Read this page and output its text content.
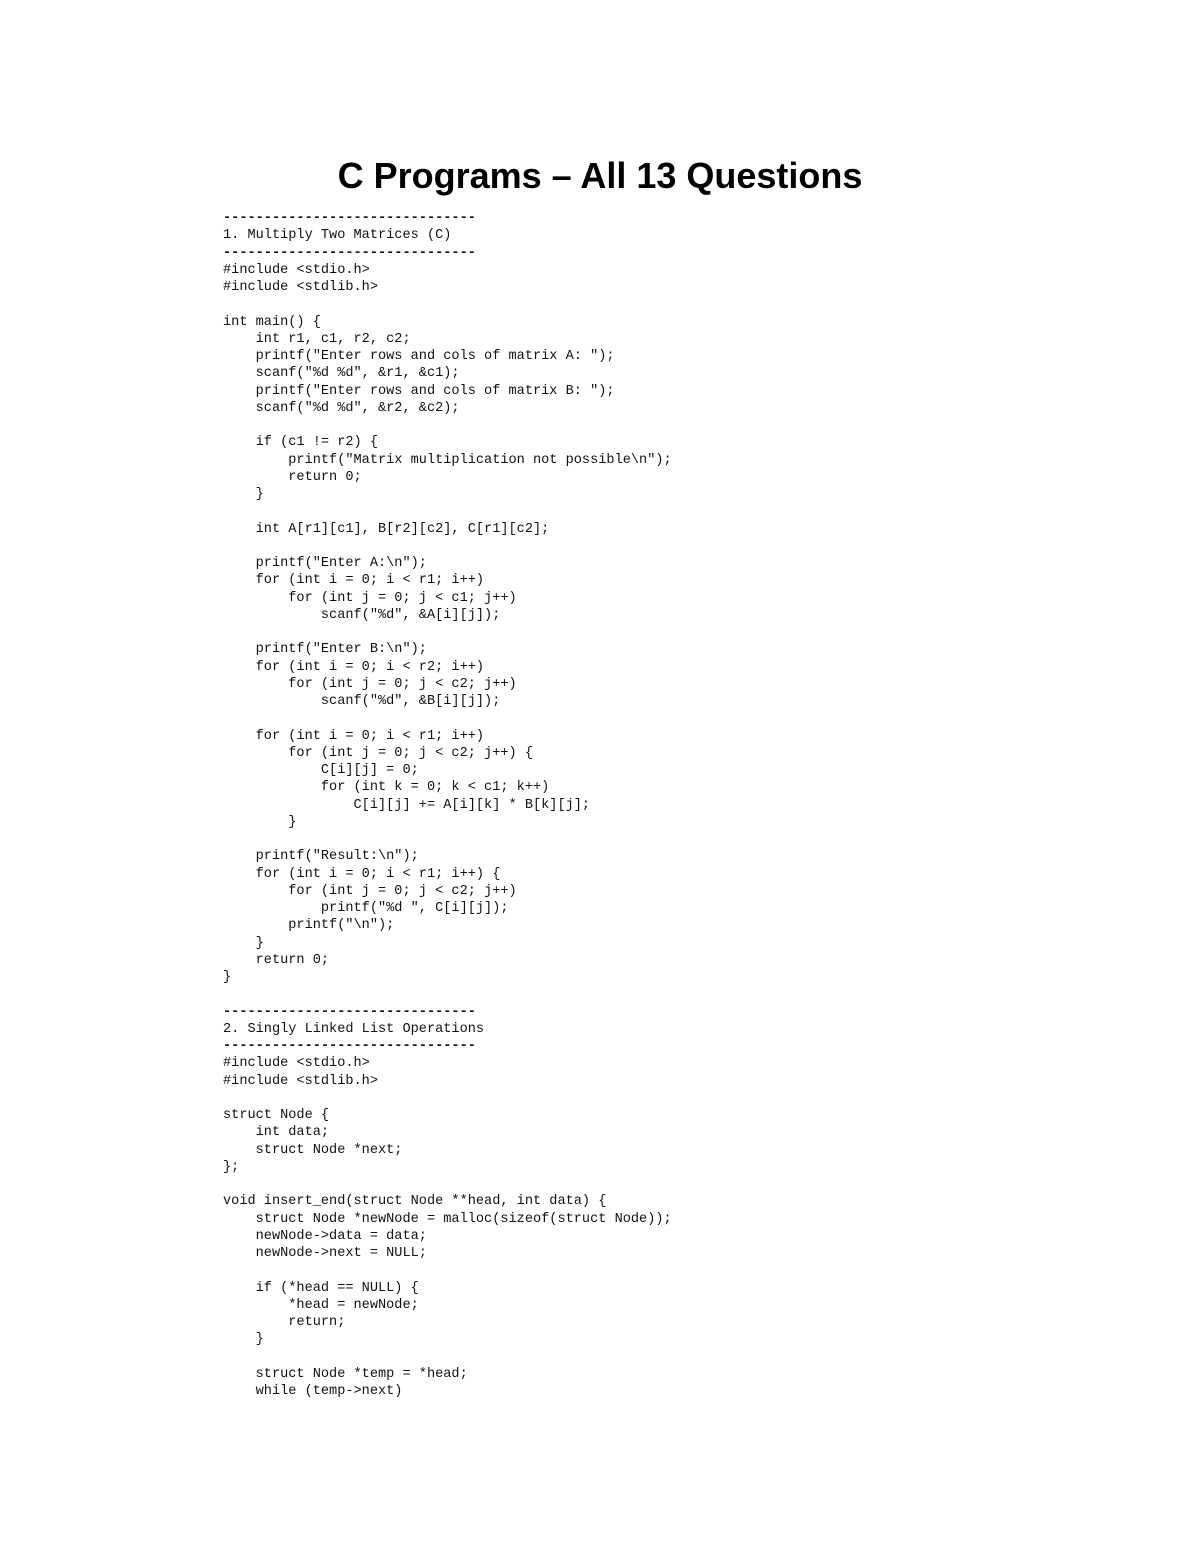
C Programs – All 13 Questions
-------------------------------
1. Multiply Two Matrices (C)
-------------------------------
#include <stdio.h>
#include <stdlib.h>

int main() {
int r1, c1, r2, c2;
printf("Enter rows and cols of matrix A: ");
scanf("%d %d", &r1, &c1);
printf("Enter rows and cols of matrix B: ");
scanf("%d %d", &r2, &c2);

if (c1 != r2) {
printf("Matrix multiplication not possible\n");
return 0;
}

int A[r1][c1], B[r2][c2], C[r1][c2];

printf("Enter A:\n");
for (int i = 0; i < r1; i++)
for (int j = 0; j < c1; j++)
scanf("%d", &A[i][j]);

printf("Enter B:\n");
for (int i = 0; i < r2; i++)
for (int j = 0; j < c2; j++)
scanf("%d", &B[i][j]);

for (int i = 0; i < r1; i++)
for (int j = 0; j < c2; j++) {
C[i][j] = 0;
for (int k = 0; k < c1; k++)
C[i][j] += A[i][k] * B[k][j];
}

printf("Result:\n");
for (int i = 0; i < r1; i++) {
for (int j = 0; j < c2; j++)
printf("%d ", C[i][j]);
printf("\n");
}
return 0;
}

-------------------------------
2. Singly Linked List Operations
-------------------------------
#include <stdio.h>
#include <stdlib.h>

struct Node {
int data;
struct Node *next;
};

void insert_end(struct Node **head, int data) {
struct Node *newNode = malloc(sizeof(struct Node));
newNode->data = data;
newNode->next = NULL;

if (*head == NULL) {
*head = newNode;
return;
}

struct Node *temp = *head;
while (temp->next)
